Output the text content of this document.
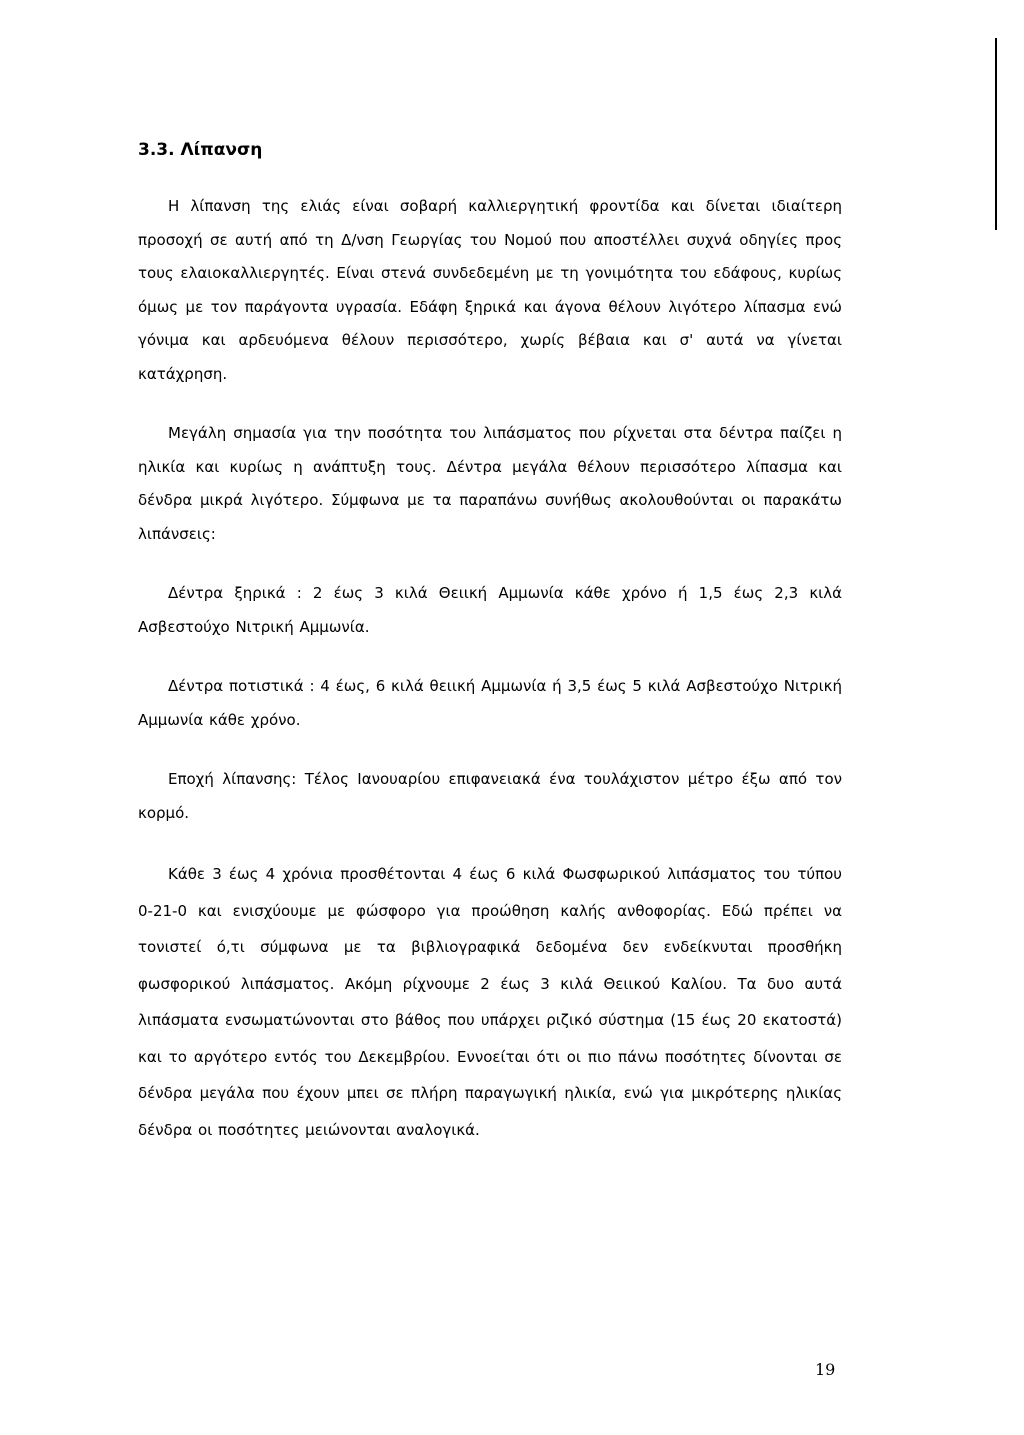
3.3. Λίπανση

Η λίπανση της ελιάς είναι σοβαρή καλλιεργητική φροντίδα και δίνεται ιδιαίτερη προσοχή σε αυτή από τη Δ/νση Γεωργίας του Νομού που αποστέλλει συχνά οδηγίες προς τους ελαιοκαλλιεργητές. Είναι στενά συνδεδεμένη με τη γονιμότητα του εδάφους, κυρίως όμως με τον παράγοντα υγρασία. Εδάφη ξηρικά και άγονα θέλουν λιγότερο λίπασμα ενώ γόνιμα και αρδευόμενα θέλουν περισσότερο, χωρίς βέβαια και σ' αυτά να γίνεται κατάχρηση.

Μεγάλη σημασία για την ποσότητα του λιπάσματος που ρίχνεται στα δέντρα παίζει η ηλικία και κυρίως η ανάπτυξη τους. Δέντρα μεγάλα θέλουν περισσότερο λίπασμα και δένδρα μικρά λιγότερο. Σύμφωνα με τα παραπάνω συνήθως ακολουθούνται οι παρακάτω λιπάνσεις:

Δέντρα ξηρικά : 2 έως 3 κιλά Θειική Αμμωνία κάθε χρόνο ή 1,5 έως 2,3 κιλά Ασβεστούχο Νιτρική Αμμωνία.

Δέντρα ποτιστικά : 4 έως, 6 κιλά θειική Αμμωνία ή 3,5 έως 5 κιλά Ασβεστούχο Νιτρική Αμμωνία κάθε χρόνο.

Εποχή λίπανσης: Τέλος Ιανουαρίου επιφανειακά ένα τουλάχιστον μέτρο έξω από τον κορμό.

Κάθε 3 έως 4 χρόνια προσθέτονται 4 έως 6 κιλά Φωσφωρικού λιπάσματος του τύπου 0-21-0 και ενισχύουμε με φώσφορο για προώθηση καλής ανθοφορίας. Εδώ πρέπει να τονιστεί ό,τι σύμφωνα με τα βιβλιογραφικά δεδομένα δεν ενδείκνυται προσθήκη φωσφορικού λιπάσματος. Ακόμη ρίχνουμε 2 έως 3 κιλά Θειικού Καλίου. Τα δυο αυτά λιπάσματα ενσωματώνονται στο βάθος που υπάρχει ριζικό σύστημα (15 έως 20 εκατοστά) και το αργότερο εντός του Δεκεμβρίου. Εννοείται ότι οι πιο πάνω ποσότητες δίνονται σε δένδρα μεγάλα που έχουν μπει σε πλήρη παραγωγική ηλικία, ενώ για μικρότερης ηλικίας δένδρα οι ποσότητες μειώνονται αναλογικά.

19
